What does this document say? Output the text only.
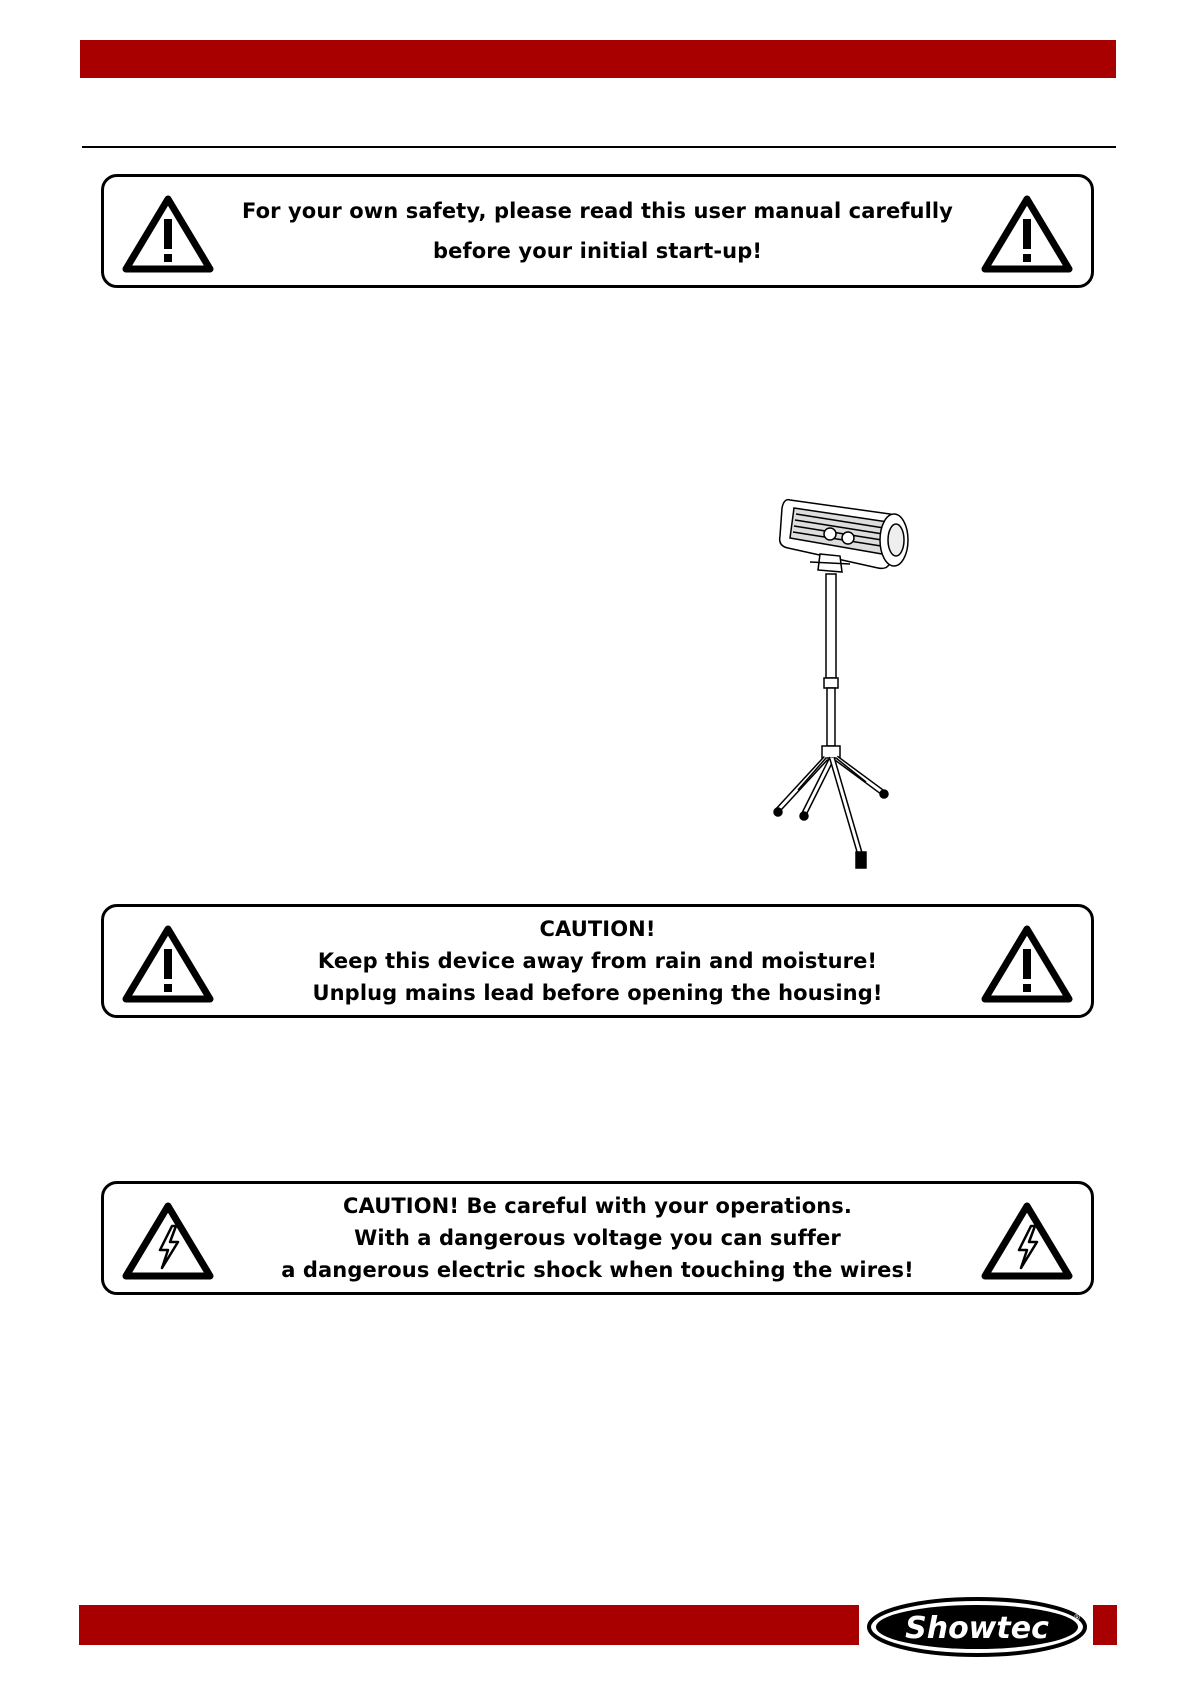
For your own safety, please read this user manual carefully
before your initial start-up!
CAUTION!
Keep this device away from rain and moisture!
Unplug mains lead before opening the housing!
CAUTION! Be careful with your operations.
With a dangerous voltage you can suffer
a dangerous electric shock when touching the wires!
Showtec	®
